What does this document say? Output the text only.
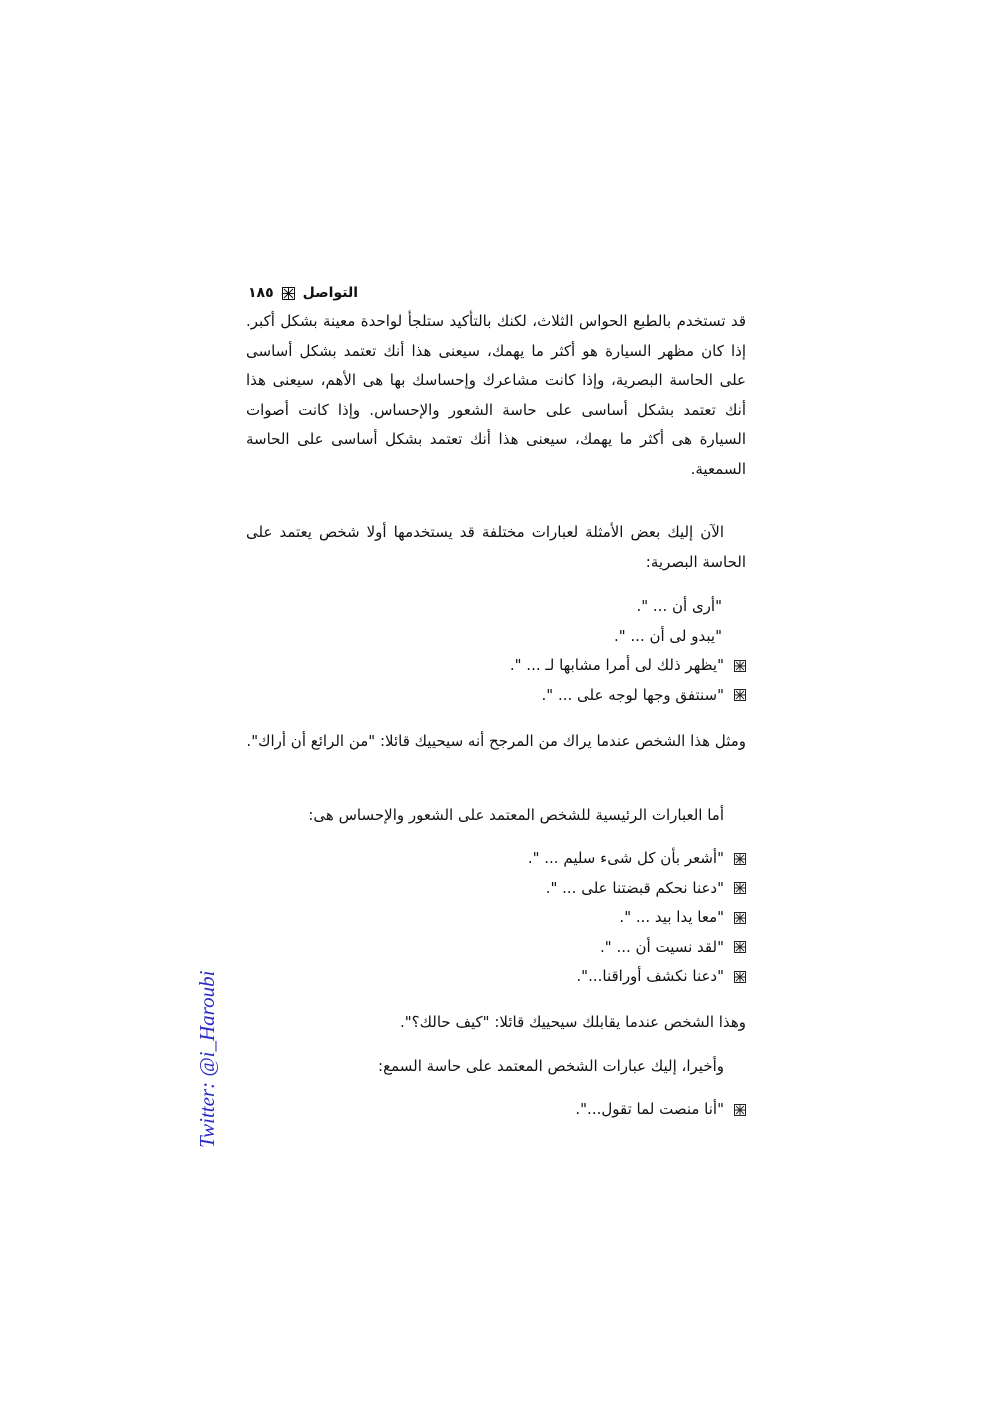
التواصل
١٨٥

قد تستخدم بالطبع الحواس الثلاث، لكنك بالتأكيد ستلجأ لواحدة معينة بشكل أكبر. إذا كان مظهر السيارة هو أكثر ما يهمك، سيعنى هذا أنك تعتمد بشكل أساسى على الحاسة البصرية، وإذا كانت مشاعرك وإحساسك بها هى الأهم، سيعنى هذا أنك تعتمد بشكل أساسى على حاسة الشعور والإحساس. وإذا كانت أصوات السيارة هى أكثر ما يهمك، سيعنى هذا أنك تعتمد بشكل أساسى على الحاسة السمعية.

الآن إليك بعض الأمثلة لعبارات مختلفة قد يستخدمها أولا شخص يعتمد على الحاسة البصرية:

"أرى أن ... ".
"يبدو لى أن ... ".
"يظهر ذلك لى أمرا مشابها لـ ... ".
"سنتفق وجها لوجه على ... ".

ومثل هذا الشخص عندما يراك من المرجح أنه سيحييك قائلا: "من الرائع أن أراك".

أما العبارات الرئيسية للشخص المعتمد على الشعور والإحساس هى:

"أشعر بأن كل شىء سليم ... ".
"دعنا نحكم قبضتنا على ... ".
"معا يدا بيد ... ".
"لقد نسيت أن ... ".
"دعنا نكشف أوراقنا...".

وهذا الشخص عندما يقابلك سيحييك قائلا: "كيف حالك؟".

وأخيرا، إليك عبارات الشخص المعتمد على حاسة السمع:

"أنا منصت لما تقول...".
Twitter: @i_Haroubi
